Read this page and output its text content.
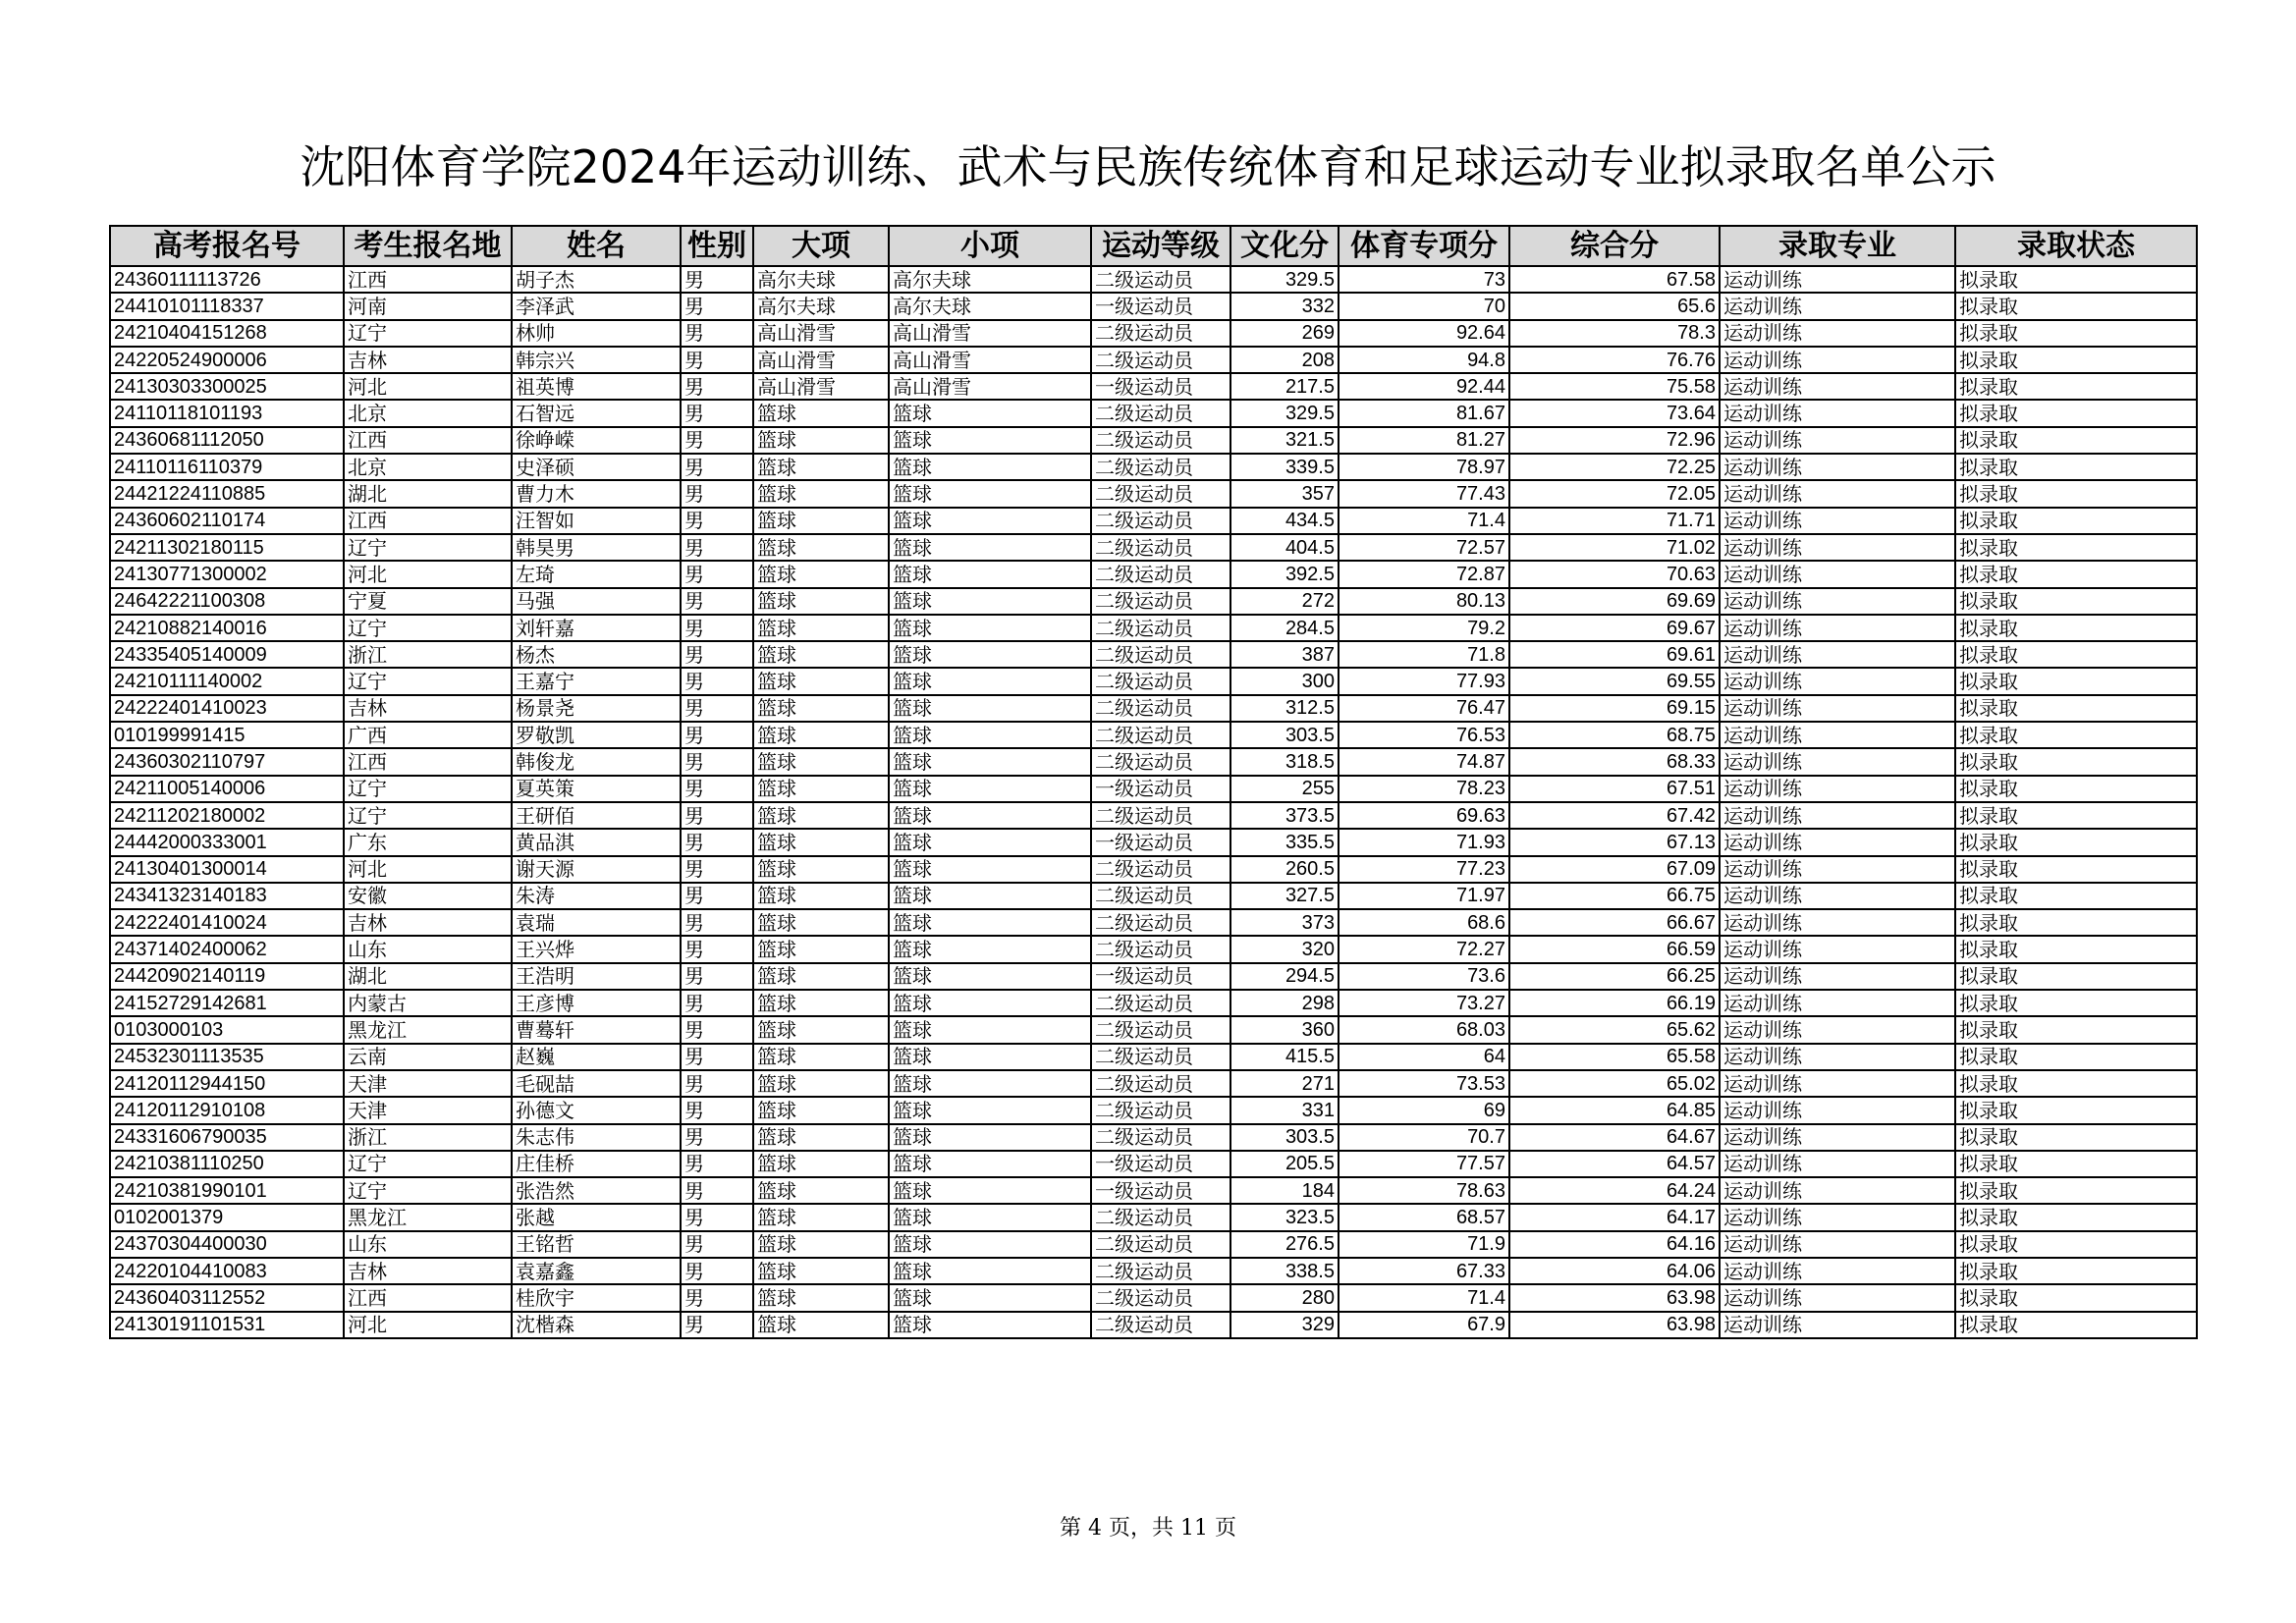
沈阳体育学院2024年运动训练、武术与民族传统体育和足球运动专业拟录取名单公示
高考报名号	考生报名地	姓名	性别	大项	小项	运动等级	文化分	体育专项分	综合分	录取专业	录取状态
24360111113726	江西	胡子杰	男	高尔夫球	高尔夫球	二级运动员	329.5	73	67.58	运动训练	拟录取
24410101118337	河南	李泽武	男	高尔夫球	高尔夫球	一级运动员	332	70	65.6	运动训练	拟录取
24210404151268	辽宁	林帅	男	高山滑雪	高山滑雪	二级运动员	269	92.64	78.3	运动训练	拟录取
24220524900006	吉林	韩宗兴	男	高山滑雪	高山滑雪	二级运动员	208	94.8	76.76	运动训练	拟录取
24130303300025	河北	祖英博	男	高山滑雪	高山滑雪	一级运动员	217.5	92.44	75.58	运动训练	拟录取
24110118101193	北京	石智远	男	篮球	篮球	二级运动员	329.5	81.67	73.64	运动训练	拟录取
24360681112050	江西	徐峥嵘	男	篮球	篮球	二级运动员	321.5	81.27	72.96	运动训练	拟录取
24110116110379	北京	史泽硕	男	篮球	篮球	二级运动员	339.5	78.97	72.25	运动训练	拟录取
24421224110885	湖北	曹力木	男	篮球	篮球	二级运动员	357	77.43	72.05	运动训练	拟录取
24360602110174	江西	汪智如	男	篮球	篮球	二级运动员	434.5	71.4	71.71	运动训练	拟录取
24211302180115	辽宁	韩昊男	男	篮球	篮球	二级运动员	404.5	72.57	71.02	运动训练	拟录取
24130771300002	河北	左琦	男	篮球	篮球	二级运动员	392.5	72.87	70.63	运动训练	拟录取
24642221100308	宁夏	马强	男	篮球	篮球	二级运动员	272	80.13	69.69	运动训练	拟录取
24210882140016	辽宁	刘轩嘉	男	篮球	篮球	二级运动员	284.5	79.2	69.67	运动训练	拟录取
24335405140009	浙江	杨杰	男	篮球	篮球	二级运动员	387	71.8	69.61	运动训练	拟录取
24210111140002	辽宁	王嘉宁	男	篮球	篮球	二级运动员	300	77.93	69.55	运动训练	拟录取
24222401410023	吉林	杨景尧	男	篮球	篮球	二级运动员	312.5	76.47	69.15	运动训练	拟录取
010199991415	广西	罗敬凯	男	篮球	篮球	二级运动员	303.5	76.53	68.75	运动训练	拟录取
24360302110797	江西	韩俊龙	男	篮球	篮球	二级运动员	318.5	74.87	68.33	运动训练	拟录取
24211005140006	辽宁	夏英策	男	篮球	篮球	一级运动员	255	78.23	67.51	运动训练	拟录取
24211202180002	辽宁	王研佰	男	篮球	篮球	二级运动员	373.5	69.63	67.42	运动训练	拟录取
24442000333001	广东	黄品淇	男	篮球	篮球	一级运动员	335.5	71.93	67.13	运动训练	拟录取
24130401300014	河北	谢天源	男	篮球	篮球	二级运动员	260.5	77.23	67.09	运动训练	拟录取
24341323140183	安徽	朱涛	男	篮球	篮球	二级运动员	327.5	71.97	66.75	运动训练	拟录取
24222401410024	吉林	袁瑞	男	篮球	篮球	二级运动员	373	68.6	66.67	运动训练	拟录取
24371402400062	山东	王兴烨	男	篮球	篮球	二级运动员	320	72.27	66.59	运动训练	拟录取
24420902140119	湖北	王浩明	男	篮球	篮球	一级运动员	294.5	73.6	66.25	运动训练	拟录取
24152729142681	内蒙古	王彦博	男	篮球	篮球	二级运动员	298	73.27	66.19	运动训练	拟录取
0103000103	黑龙江	曹蓦轩	男	篮球	篮球	二级运动员	360	68.03	65.62	运动训练	拟录取
24532301113535	云南	赵巍	男	篮球	篮球	二级运动员	415.5	64	65.58	运动训练	拟录取
24120112944150	天津	毛砚喆	男	篮球	篮球	二级运动员	271	73.53	65.02	运动训练	拟录取
24120112910108	天津	孙德文	男	篮球	篮球	二级运动员	331	69	64.85	运动训练	拟录取
24331606790035	浙江	朱志伟	男	篮球	篮球	二级运动员	303.5	70.7	64.67	运动训练	拟录取
24210381110250	辽宁	庄佳桥	男	篮球	篮球	一级运动员	205.5	77.57	64.57	运动训练	拟录取
24210381990101	辽宁	张浩然	男	篮球	篮球	一级运动员	184	78.63	64.24	运动训练	拟录取
0102001379	黑龙江	张越	男	篮球	篮球	二级运动员	323.5	68.57	64.17	运动训练	拟录取
24370304400030	山东	王铭哲	男	篮球	篮球	二级运动员	276.5	71.9	64.16	运动训练	拟录取
24220104410083	吉林	袁嘉鑫	男	篮球	篮球	二级运动员	338.5	67.33	64.06	运动训练	拟录取
24360403112552	江西	桂欣宇	男	篮球	篮球	二级运动员	280	71.4	63.98	运动训练	拟录取
24130191101531	河北	沈楷森	男	篮球	篮球	二级运动员	329	67.9	63.98	运动训练	拟录取
第 4 页，共 11 页
